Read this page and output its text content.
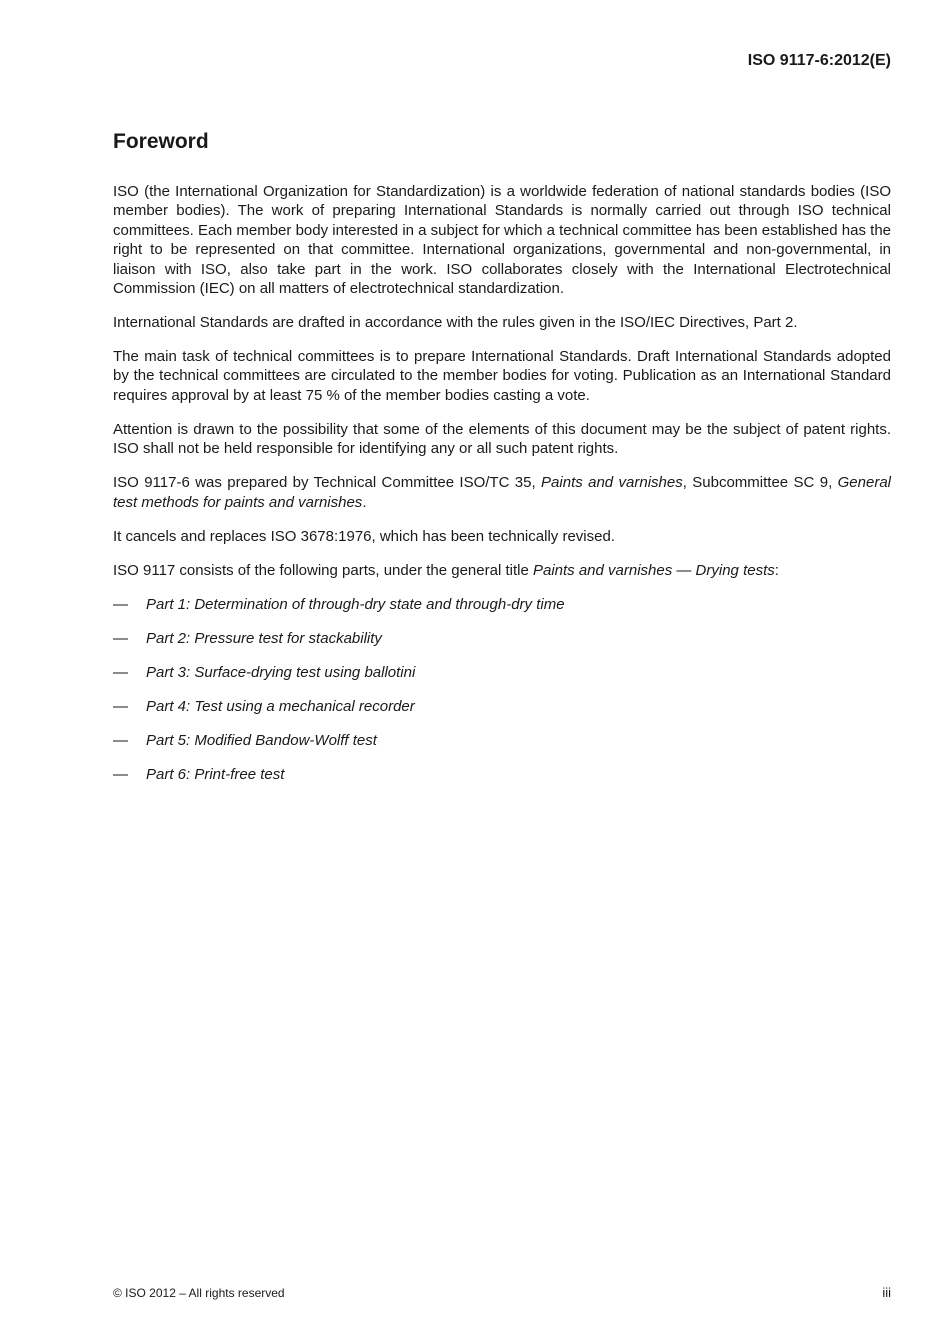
ISO 9117-6:2012(E)

Foreword

ISO (the International Organization for Standardization) is a worldwide federation of national standards bodies (ISO member bodies). The work of preparing International Standards is normally carried out through ISO technical committees. Each member body interested in a subject for which a technical committee has been established has the right to be represented on that committee. International organizations, governmental and non-governmental, in liaison with ISO, also take part in the work. ISO collaborates closely with the International Electrotechnical Commission (IEC) on all matters of electrotechnical standardization.

International Standards are drafted in accordance with the rules given in the ISO/IEC Directives, Part 2.

The main task of technical committees is to prepare International Standards. Draft International Standards adopted by the technical committees are circulated to the member bodies for voting. Publication as an International Standard requires approval by at least 75 % of the member bodies casting a vote.

Attention is drawn to the possibility that some of the elements of this document may be the subject of patent rights. ISO shall not be held responsible for identifying any or all such patent rights.

ISO 9117-6 was prepared by Technical Committee ISO/TC 35, Paints and varnishes, Subcommittee SC 9, General test methods for paints and varnishes.

It cancels and replaces ISO 3678:1976, which has been technically revised.

ISO 9117 consists of the following parts, under the general title Paints and varnishes — Drying tests:

—	Part 1: Determination of through-dry state and through-dry time
—	Part 2: Pressure test for stackability
—	Part 3: Surface-drying test using ballotini
—	Part 4: Test using a mechanical recorder
—	Part 5: Modified Bandow-Wolff test
—	Part 6: Print-free test

© ISO 2012 – All rights reserved	iii
